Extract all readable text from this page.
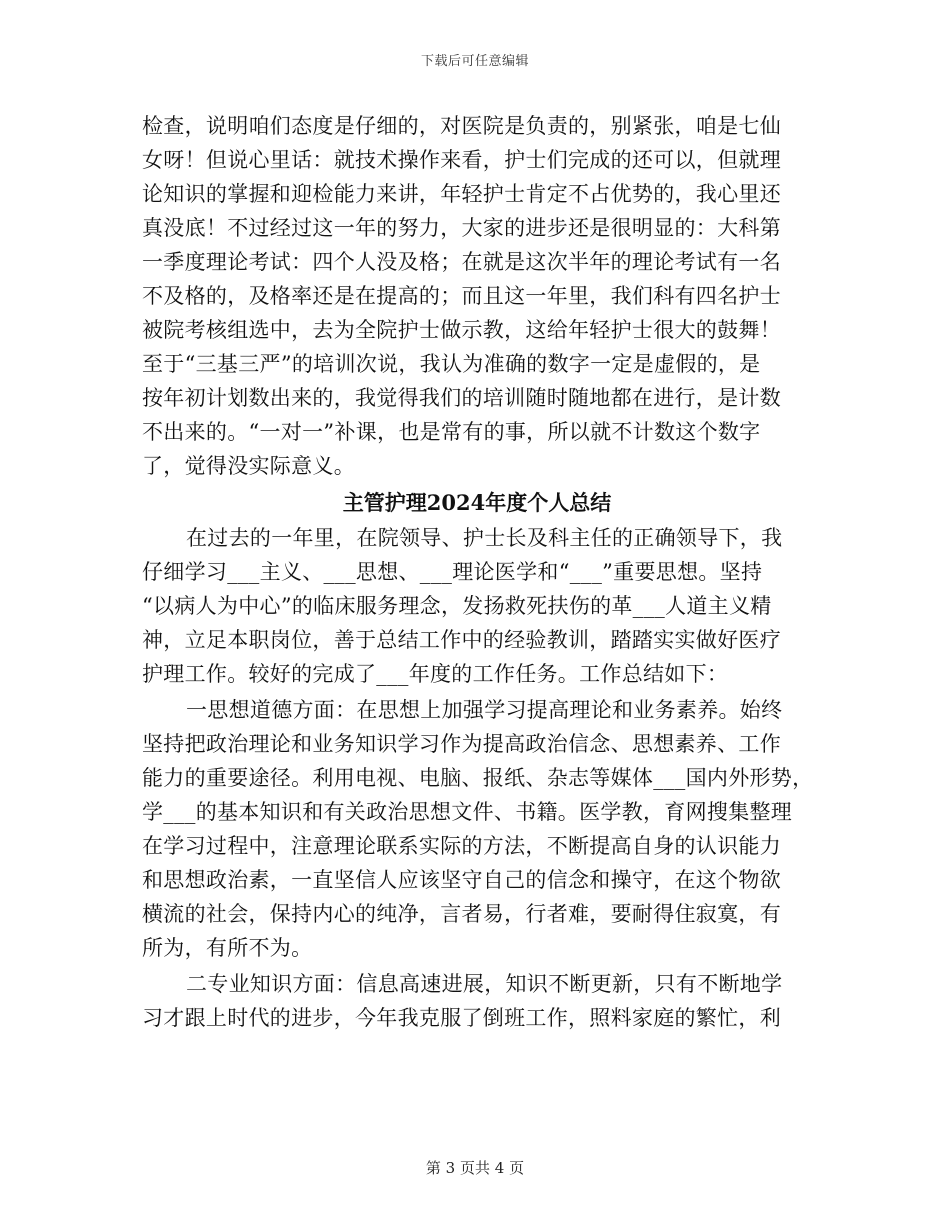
下载后可任意编辑
检查，说明咱们态度是仔细的，对医院是负责的，别紧张，咱是七仙
女呀！但说心里话：就技术操作来看，护士们完成的还可以，但就理
论知识的掌握和迎检能力来讲，年轻护士肯定不占优势的，我心里还
真没底！不过经过这一年的努力，大家的进步还是很明显的：大科第
一季度理论考试：四个人没及格；在就是这次半年的理论考试有一名
不及格的，及格率还是在提高的；而且这一年里，我们科有四名护士
被院考核组选中，去为全院护士做示教，这给年轻护士很大的鼓舞！
至于“三基三严”的培训次说，我认为准确的数字一定是虚假的，是
按年初计划数出来的，我觉得我们的培训随时随地都在进行，是计数
不出来的。“一对一”补课，也是常有的事，所以就不计数这个数字
了，觉得没实际意义。
主管护理2024年度个人总结
在过去的一年里，在院领导、护士长及科主任的正确领导下，我
仔细学习___主义、___思想、___理论医学和“___”重要思想。坚持
“以病人为中心”的临床服务理念，发扬救死扶伤的革___人道主义精
神，立足本职岗位，善于总结工作中的经验教训，踏踏实实做好医疗
护理工作。较好的完成了___年度的工作任务。工作总结如下：
一思想道德方面：在思想上加强学习提高理论和业务素养。始终
坚持把政治理论和业务知识学习作为提高政治信念、思想素养、工作
能力的重要途径。利用电视、电脑、报纸、杂志等媒体___国内外形势，
学___的基本知识和有关政治思想文件、书籍。医学教，育网搜集整理
在学习过程中，注意理论联系实际的方法，不断提高自身的认识能力
和思想政治素，一直坚信人应该坚守自己的信念和操守，在这个物欲
横流的社会，保持内心的纯净，言者易，行者难，要耐得住寂寞，有
所为，有所不为。
二专业知识方面：信息高速进展，知识不断更新，只有不断地学
习才跟上时代的进步，今年我克服了倒班工作，照料家庭的繁忙，利
第 3 页共 4 页
